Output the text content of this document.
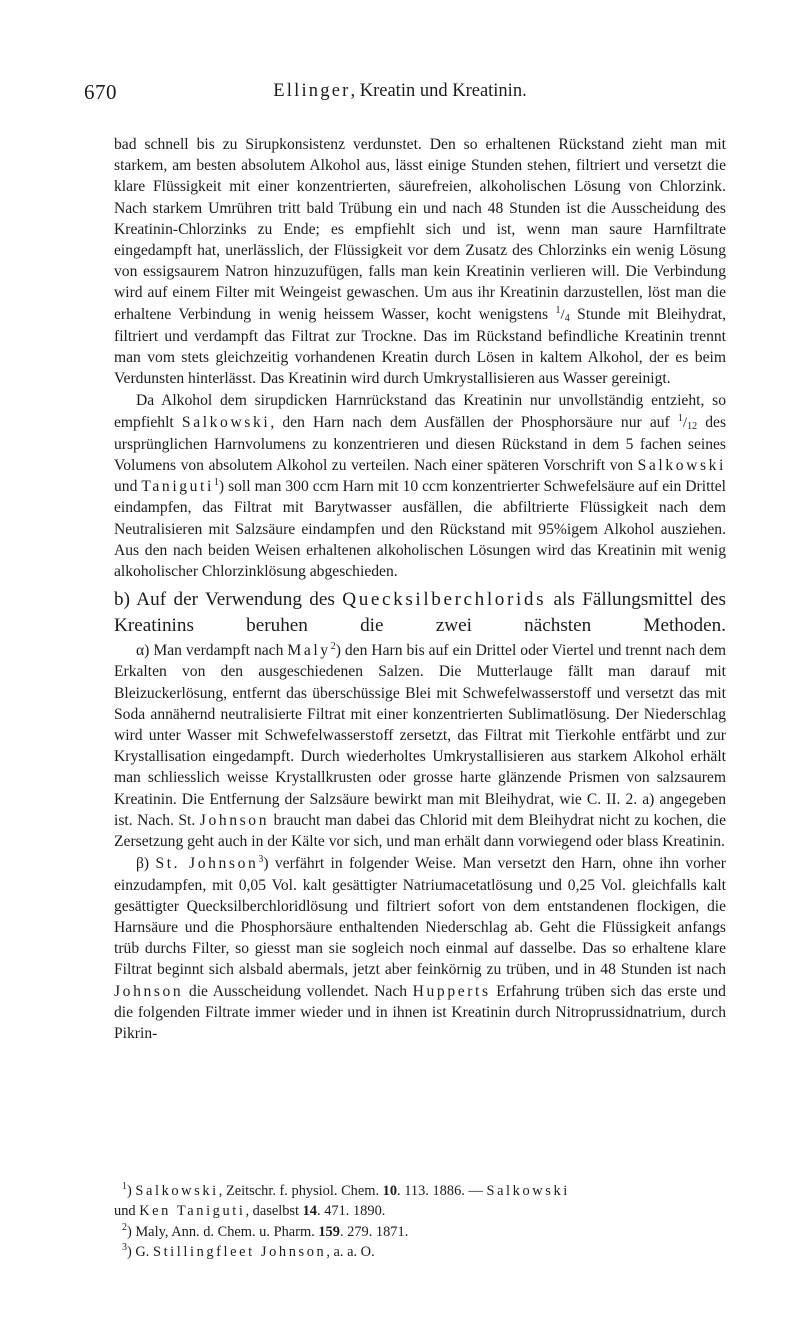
670	Ellinger, Kreatin und Kreatinin.

bad schnell bis zu Sirupkonsistenz verdunstet. Den so erhaltenen Rückstand zieht man mit starkem, am besten absolutem Alkohol aus, lässt einige Stunden stehen, filtriert und versetzt die klare Flüssigkeit mit einer konzentrierten, säurefreien, alkoholischen Lösung von Chlorzink. Nach starkem Umrühren tritt bald Trübung ein und nach 48 Stunden ist die Ausscheidung des Kreatinin-Chlorzinks zu Ende; es empfiehlt sich und ist, wenn man saure Harnfiltrate eingedampft hat, unerlässlich, der Flüssigkeit vor dem Zusatz des Chlorzinks ein wenig Lösung von essigsaurem Natron hinzuzufügen, falls man kein Kreatinin verlieren will. Die Verbindung wird auf einem Filter mit Weingeist gewaschen. Um aus ihr Kreatinin darzustellen, löst man die erhaltene Verbindung in wenig heissem Wasser, kocht wenigstens $^1/_4$ Stunde mit Bleihydrat, filtriert und verdampft das Filtrat zur Trockne. Das im Rückstand befindliche Kreatinin trennt man vom stets gleichzeitig vorhandenen Kreatin durch Lösen in kaltem Alkohol, der es beim Verdunsten hinterlässt. Das Kreatinin wird durch Umkrystallisieren aus Wasser gereinigt.

Da Alkohol dem sirupdicken Harnrückstand das Kreatinin nur unvollständig entzieht, so empfiehlt Salkowski, den Harn nach dem Ausfällen der Phosphorsäure nur auf $^1/_{12}$ des ursprünglichen Harnvolumens zu konzentrieren und diesen Rückstand in dem 5 fachen seines Volumens von absolutem Alkohol zu verteilen. Nach einer späteren Vorschrift von Salkowski und Taniguti$^1$) soll man 300 ccm Harn mit 10 ccm konzentrierter Schwefelsäure auf ein Drittel eindampfen, das Filtrat mit Barytwasser ausfällen, die abfiltrierte Flüssigkeit nach dem Neutralisieren mit Salzsäure eindampfen und den Rückstand mit 95%igem Alkohol ausziehen. Aus den nach beiden Weisen erhaltenen alkoholischen Lösungen wird das Kreatinin mit wenig alkoholischer Chlorzinklösung abgeschieden.

b) Auf der Verwendung des Quecksilberchlorids als Fällungsmittel des Kreatinins beruhen die zwei nächsten Methoden.

α) Man verdampft nach Maly$^2$) den Harn bis auf ein Drittel oder Viertel und trennt nach dem Erkalten von den ausgeschiedenen Salzen. Die Mutterlauge fällt man darauf mit Bleizuckerlösung, entfernt das überschüssige Blei mit Schwefelwasserstoff und versetzt das mit Soda annähernd neutralisierte Filtrat mit einer konzentrierten Sublimatlösung. Der Niederschlag wird unter Wasser mit Schwefelwasserstoff zersetzt, das Filtrat mit Tierkohle entfärbt und zur Krystallisation eingedampft. Durch wiederholtes Umkrystallisieren aus starkem Alkohol erhält man schliesslich weisse Krystallkrusten oder grosse harte glänzende Prismen von salzsaurem Kreatinin. Die Entfernung der Salzsäure bewirkt man mit Bleihydrat, wie C. II. 2. a) angegeben ist. Nach. St. Johnson braucht man dabei das Chlorid mit dem Bleihydrat nicht zu kochen, die Zersetzung geht auch in der Kälte vor sich, und man erhält dann vorwiegend oder blass Kreatinin.

β) St. Johnson$^3$) verfährt in folgender Weise. Man versetzt den Harn, ohne ihn vorher einzudampfen, mit 0,05 Vol. kalt gesättigter Natriumacetatlösung und 0,25 Vol. gleichfalls kalt gesättigter Quecksilberchloridlösung und filtriert sofort von dem entstandenen flockigen, die Harnsäure und die Phosphorsäure enthaltenden Niederschlag ab. Geht die Flüssigkeit anfangs trüb durchs Filter, so giesst man sie sogleich noch einmal auf dasselbe. Das so erhaltene klare Filtrat beginnt sich alsbald abermals, jetzt aber feinkörnig zu trüben, und in 48 Stunden ist nach Johnson die Ausscheidung vollendet. Nach Hupperts Erfahrung trüben sich das erste und die folgenden Filtrate immer wieder und in ihnen ist Kreatinin durch Nitroprussidnatrium, durch Pikrin-

$^1$) Salkowski, Zeitschr. f. physiol. Chem. 10. 113. 1886. — Salkowski
und Ken Taniguti, daselbst 14. 471. 1890.

$^2$) Maly, Ann. d. Chem. u. Pharm. 159. 279. 1871.

$^3$) G. Stillingfleet Johnson, a. a. O.
